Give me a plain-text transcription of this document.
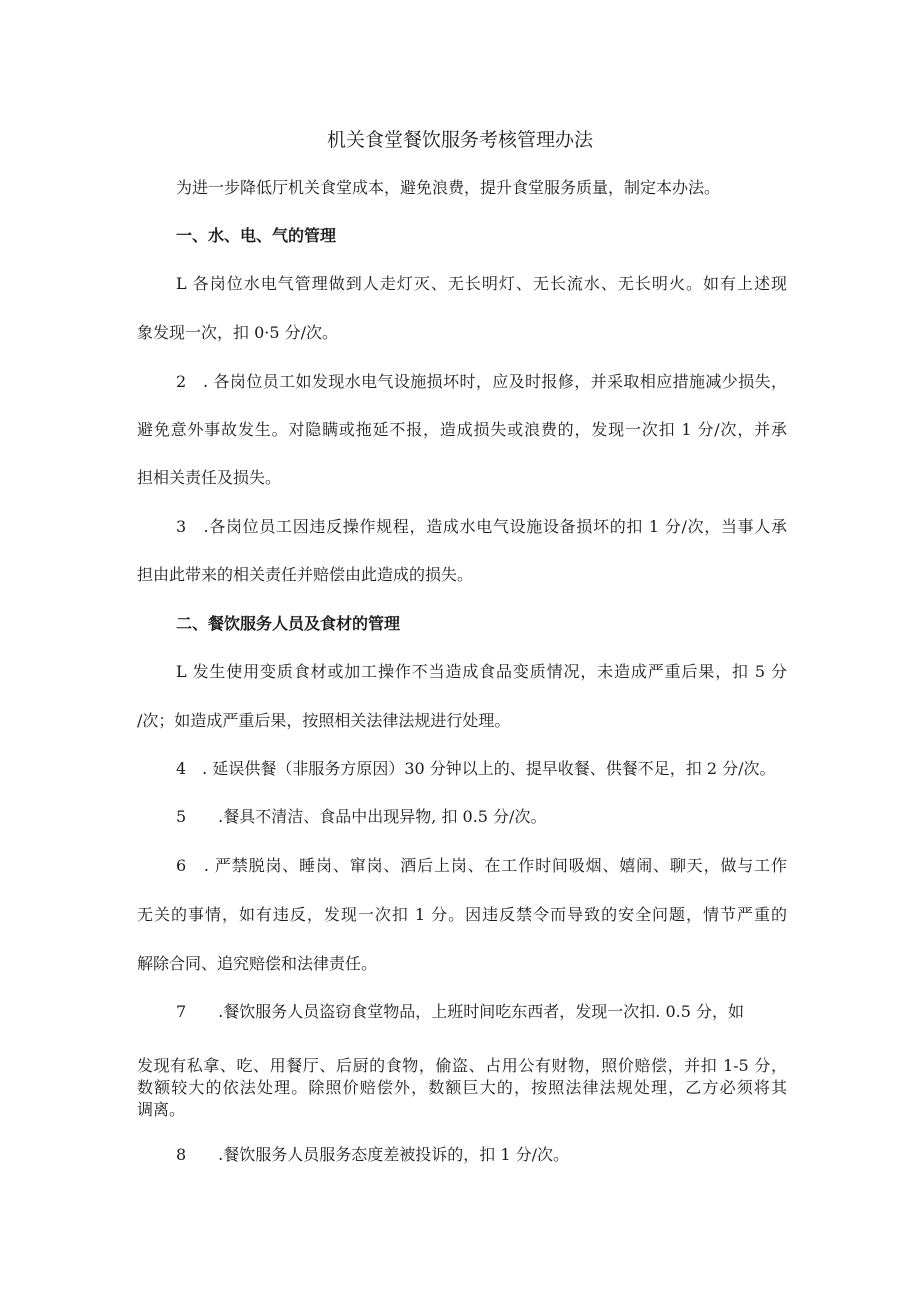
机关食堂餐饮服务考核管理办法
为进一步降低厅机关食堂成本，避免浪费，提升食堂服务质量，制定本办法。
一、水、电、气的管理
L 各岗位水电气管理做到人走灯灭、无长明灯、无长流水、无长明火。如有上述现
象发现一次，扣 0·5 分/次。
2　. 各岗位员工如发现水电气设施损坏时，应及时报修，并采取相应措施减少损失，
避免意外事故发生。对隐瞒或拖延不报，造成损失或浪费的，发现一次扣 1 分/次，并承
担相关责任及损失。
3　.各岗位员工因违反操作规程，造成水电气设施设备损坏的扣 1 分/次，当事人承
担由此带来的相关责任并赔偿由此造成的损失。
二、餐饮服务人员及食材的管理
L 发生使用变质食材或加工操作不当造成食品变质情况，未造成严重后果，扣 5 分
/次；如造成严重后果，按照相关法律法规进行处理。
4　. 延误供餐（非服务方原因）30 分钟以上的、提早收餐、供餐不足，扣 2 分/次。
5　　.餐具不清洁、食品中出现异物, 扣 0.5 分/次。
6　. 严禁脱岗、睡岗、窜岗、酒后上岗、在工作时间吸烟、嬉闹、聊天，做与工作
无关的事情，如有违反，发现一次扣 1 分。因违反禁令而导致的安全问题，情节严重的
解除合同、追究赔偿和法律责任。
7　　.餐饮服务人员盗窃食堂物品，上班时间吃东西者，发现一次扣. 0.5 分，如
发现有私拿、吃、用餐厅、后厨的食物，偷盗、占用公有财物，照价赔偿，并扣 1-5 分，
数额较大的依法处理。除照价赔偿外，数额巨大的，按照法律法规处理，乙方必须将其
调离。
8　　.餐饮服务人员服务态度差被投诉的，扣 1 分/次。
